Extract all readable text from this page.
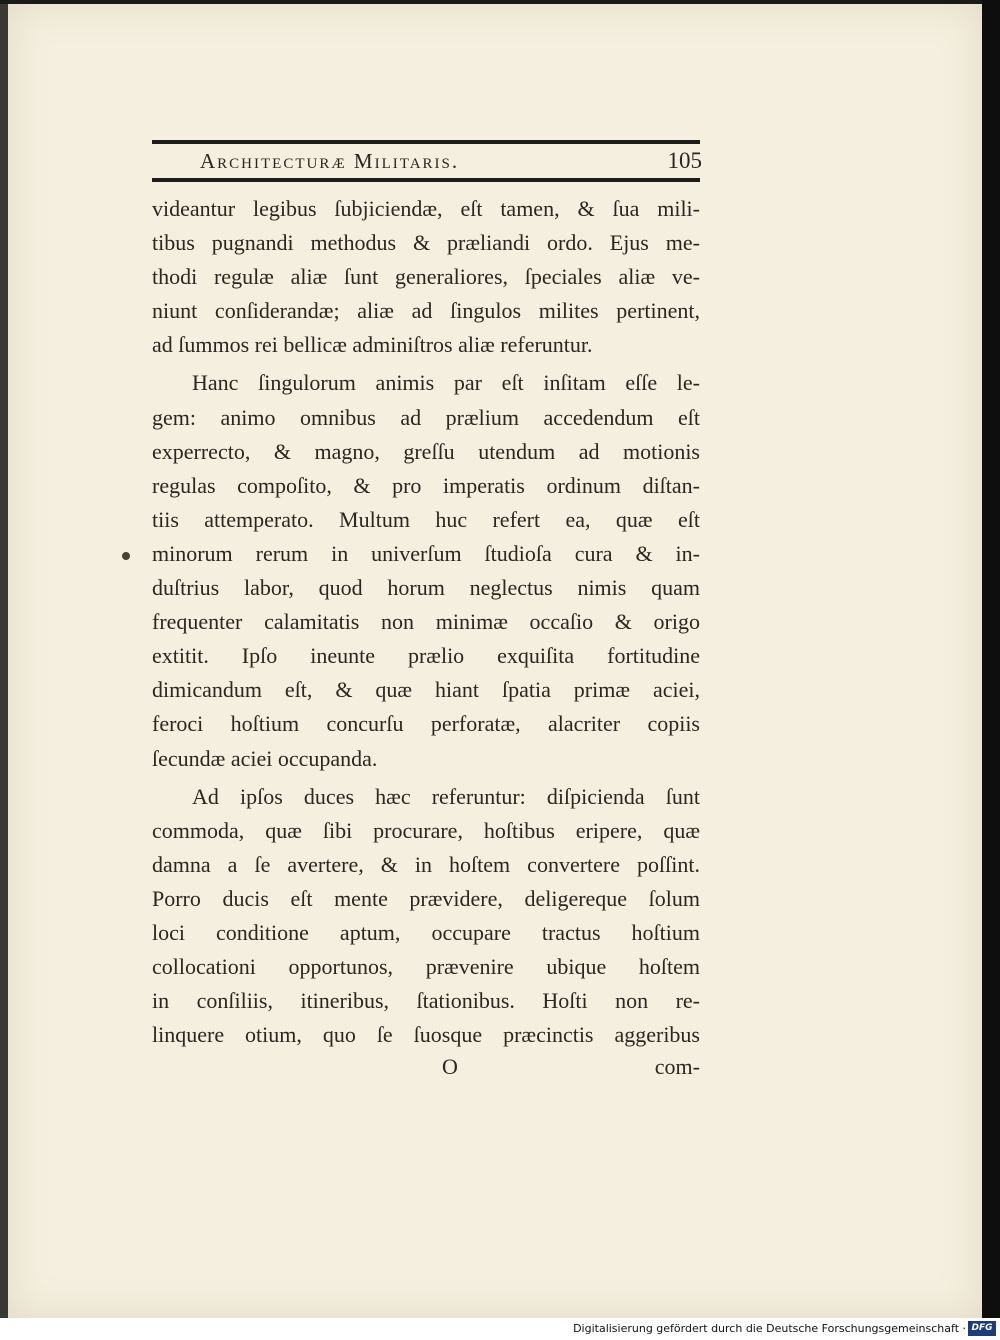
Architecturæ Militaris.	105
videantur legibus ſubjiciendæ, eſt tamen, & ſua mili-
tibus pugnandi methodus & præliandi ordo. Ejus me-
thodi regulæ aliæ ſunt generaliores, ſpeciales aliæ ve-
niunt conſiderandæ; aliæ ad ſingulos milites pertinent,
ad ſummos rei bellicæ adminiſtros aliæ referuntur.
Hanc ſingulorum animis par eſt inſitam eſſe le-
gem: animo omnibus ad prælium accedendum eſt
experrecto, & magno, greſſu utendum ad motionis
regulas compoſito, & pro imperatis ordinum diſtan-
tiis attemperato. Multum huc refert ea, quæ eſt
minorum rerum in univerſum ſtudioſa cura & in-
duſtrius labor, quod horum neglectus nimis quam
frequenter calamitatis non minimæ occaſio & origo
extitit. Ipſo ineunte prælio exquiſita fortitudine
dimicandum eſt, & quæ hiant ſpatia primæ aciei,
feroci hoſtium concurſu perforatæ, alacriter copiis
ſecundæ aciei occupanda.
Ad ipſos duces hæc referuntur: diſpicienda ſunt
commoda, quæ ſibi procurare, hoſtibus eripere, quæ
damna a ſe avertere, & in hoſtem convertere poſſint.
Porro ducis eſt mente prævidere, deligereque ſolum
loci conditione aptum, occupare tractus hoſtium
collocationi opportunos, prævenire ubique hoſtem
in conſiliis, itineribus, ſtationibus. Hoſti non re-
linquere otium, quo ſe ſuosque præcinctis aggeribus
O	com-
Digitalisierung gefördert durch die Deutsche Forschungsgemeinschaft · DFG
